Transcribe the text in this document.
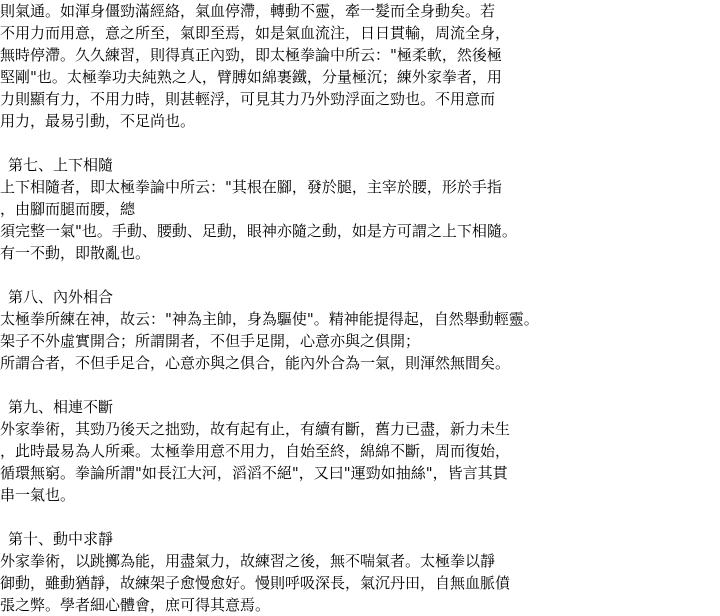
則氣通。如渾身僵勁滿經絡，氣血停滯，轉動不靈，牽一髮而全身動矣。若
不用力而用意，意之所至，氣即至焉，如是氣血流注，日日貫輸，周流全身，
無時停滯。久久練習，則得真正內勁，即太極拳論中所云："極柔軟，然後極
堅剛"也。太極拳功夫純熟之人，臂膊如綿裹鐵，分量極沉；練外家拳者，用
力則顯有力，不用力時，則甚輕浮，可見其力乃外勁浮面之勁也。不用意而
用力，最易引動，不足尚也。
第七、上下相隨
上下相隨者，即太極拳論中所云："其根在腳，發於腿，主宰於腰，形於手指
，由腳而腿而腰，總
須完整一氣"也。手動、腰動、足動，眼神亦隨之動，如是方可謂之上下相隨。
有一不動，即散亂也。
第八、內外相合
太極拳所練在神，故云："神為主帥，身為驅使"。精神能提得起，自然舉動輕靈。
架子不外虛實開合；所謂開者，不但手足開，心意亦與之俱開；
所謂合者，不但手足合，心意亦與之俱合，能內外合為一氣，則渾然無間矣。
第九、相連不斷
外家拳術，其勁乃後天之拙勁，故有起有止，有續有斷，舊力已盡，新力未生
，此時最易為人所乘。太極拳用意不用力，自始至終，綿綿不斷，周而復始，
循環無窮。拳論所謂"如長江大河，滔滔不絕"，又曰"運勁如抽絲"，皆言其貫
串一氣也。
第十、動中求靜
外家拳術，以跳擲為能，用盡氣力，故練習之後，無不喘氣者。太極拳以靜
御動，雖動猶靜，故練架子愈慢愈好。慢則呼吸深長，氣沉丹田，自無血脈僨
張之弊。學者細心體會，庶可得其意焉。
